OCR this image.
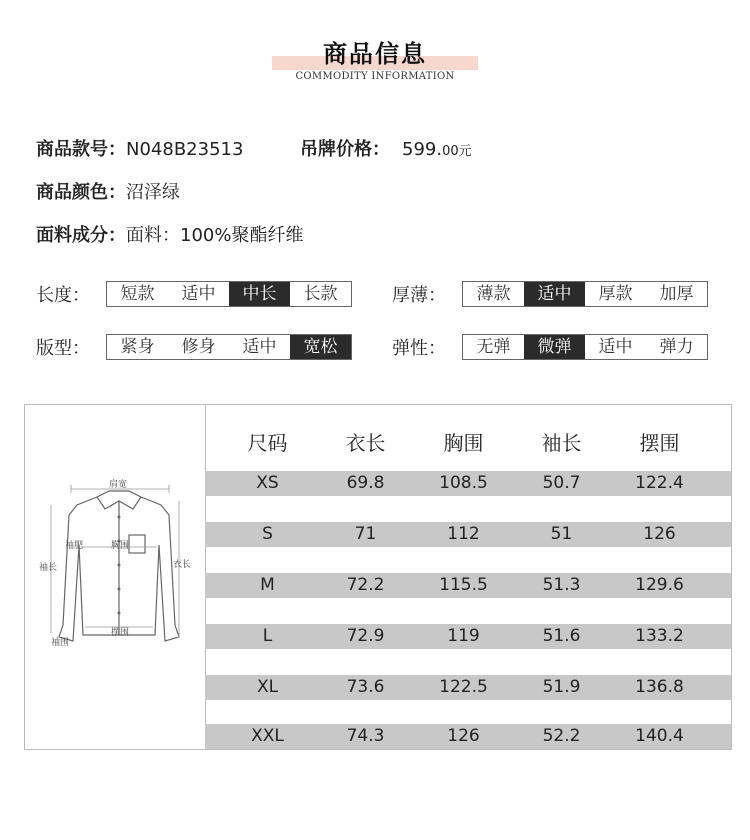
商品信息
COMMODITY INFORMATION
商品款号：N048B23513	吊牌价格： 599.00元
商品颜色：沼泽绿
面料成分：面料：100%聚酯纤维
长度：	短款	适中	中长	长款	厚薄：	薄款	适中	厚款	加厚
版型：	紧身	修身	适中	宽松	弹性：	无弹	微弹	适中	弹力
肩宽
袖肥	胸围
袖长	衣长
摆围
袖围
尺码	衣长	胸围	袖长	摆围
XS	69.8	108.5	50.7	122.4
S	71	112	51	126
M	72.2	115.5	51.3	129.6
L	72.9	119	51.6	133.2
XL	73.6	122.5	51.9	136.8
XXL	74.3	126	52.2	140.4
